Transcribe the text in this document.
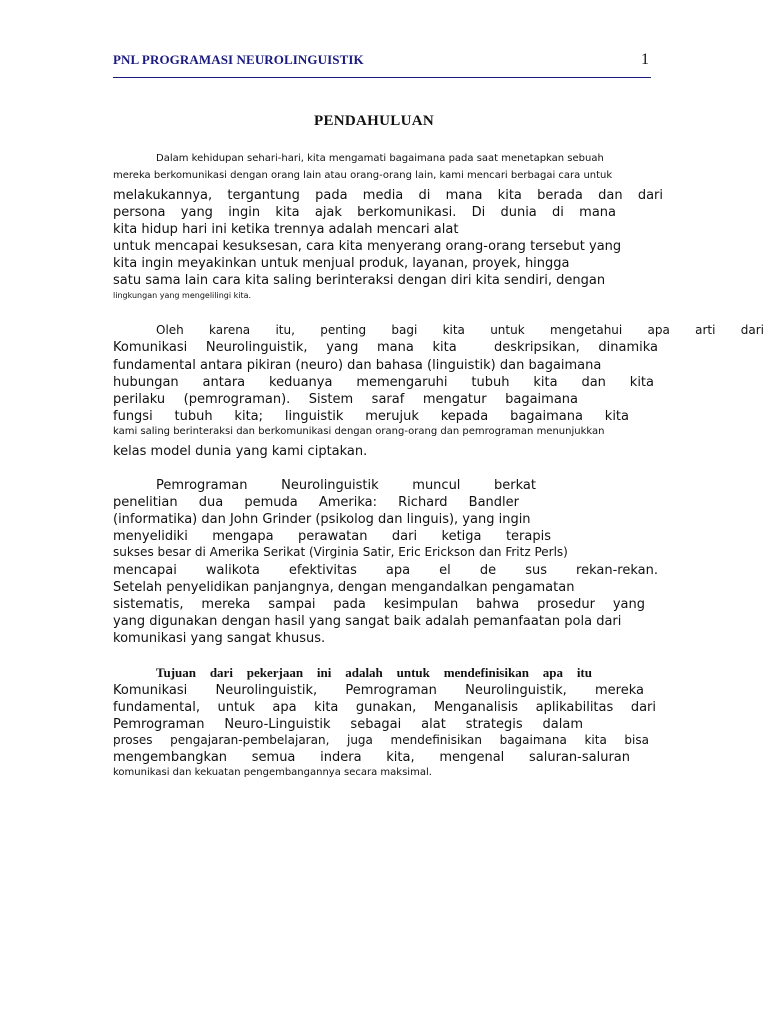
PNL PROGRAMASI NEUROLINGUISTIK	1
PENDAHULUAN
Dalam kehidupan sehari-hari, kita mengamati bagaimana pada saat menetapkan sebuah
mereka berkomunikasi dengan orang lain atau orang-orang lain, kami mencari berbagai cara untuk
melakukannya, tergantung pada media di mana kita berada dan dari
persona yang ingin kita ajak berkomunikasi. Di dunia di mana
kita hidup hari ini ketika trennya adalah mencari alat
untuk mencapai kesuksesan, cara kita menyerang orang-orang tersebut yang
kita ingin meyakinkan untuk menjual produk, layanan, proyek, hingga
satu sama lain cara kita saling berinteraksi dengan diri kita sendiri, dengan
lingkungan yang mengelilingi kita.
Oleh karena itu, penting bagi kita untuk mengetahui apa arti dari
Komunikasi Neurolinguistik, yang mana kita  deskripsikan, dinamika
fundamental antara pikiran (neuro) dan bahasa (linguistik) dan bagaimana
hubungan antara keduanya memengaruhi tubuh kita dan kita
perilaku (pemrograman). Sistem saraf mengatur bagaimana
fungsi tubuh kita; linguistik merujuk kepada bagaimana kita
kami saling berinteraksi dan berkomunikasi dengan orang-orang dan pemrograman menunjukkan
kelas model dunia yang kami ciptakan.
Pemrograman Neurolinguistik muncul berkat
penelitian dua pemuda Amerika: Richard Bandler
(informatika) dan John Grinder (psikolog dan linguis), yang ingin
menyelidiki mengapa perawatan dari ketiga terapis
sukses besar di Amerika Serikat (Virginia Satir, Eric Erickson dan Fritz Perls)
mencapai walikota efektivitas apa el de sus rekan-rekan.
Setelah penyelidikan panjangnya, dengan mengandalkan pengamatan
sistematis, mereka sampai pada kesimpulan bahwa prosedur yang
yang digunakan dengan hasil yang sangat baik adalah pemanfaatan pola dari
komunikasi yang sangat khusus.
Tujuan dari pekerjaan ini adalah untuk mendefinisikan apa itu
Komunikasi Neurolinguistik, Pemrograman Neurolinguistik, mereka
fundamental, untuk apa kita gunakan, Menganalisis aplikabilitas dari
Pemrograman Neuro-Linguistik sebagai alat strategis dalam
proses pengajaran-pembelajaran, juga mendefinisikan bagaimana kita bisa
mengembangkan semua indera kita, mengenal saluran-saluran
komunikasi dan kekuatan pengembangannya secara maksimal.
